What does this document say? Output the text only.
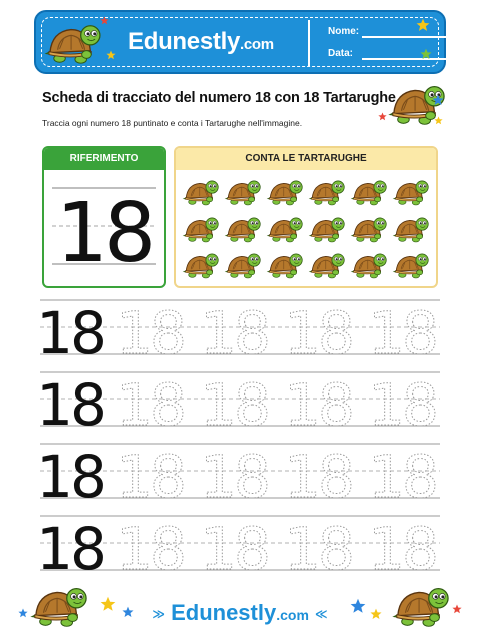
Edunestly.com
Nome:
Data:
Scheda di tracciato del numero 18 con 18 Tartarughe
Traccia ogni numero 18 puntinato e conta i Tartarughe nell'immagine.
RIFERIMENTO
18
CONTA LE TARTARUGHE
18 18 18 18 18
18 18 18 18 18
18 18 18 18 18
18 18 18 18 18
≫ Edunestly.com ≪
